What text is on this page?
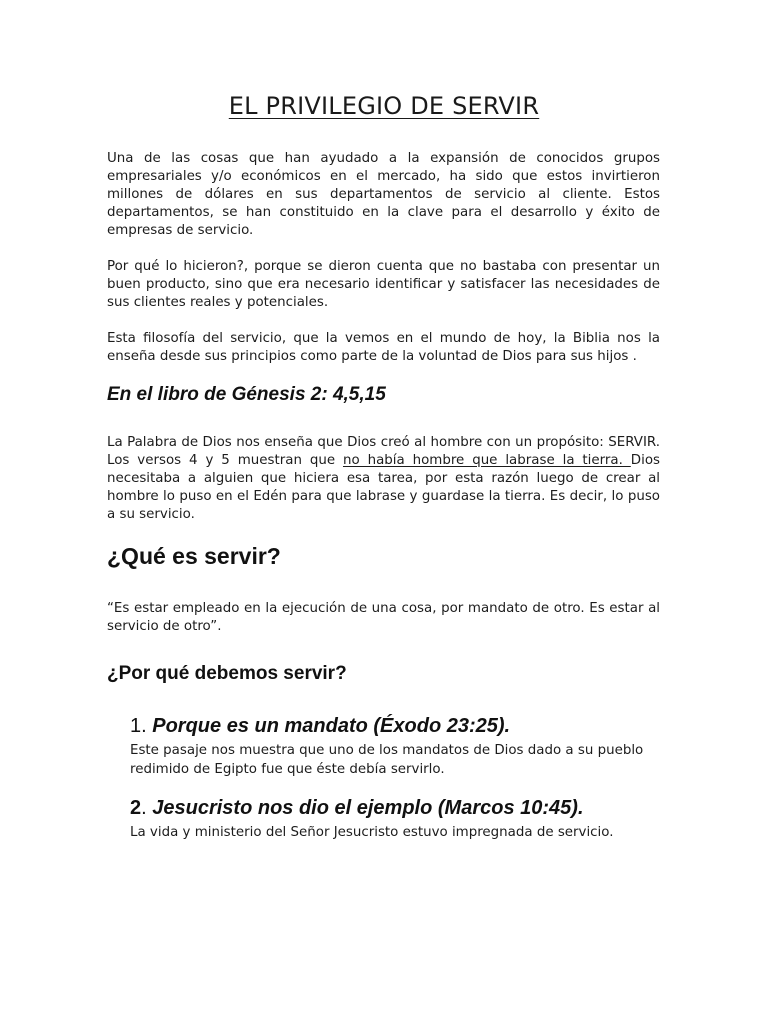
EL PRIVILEGIO DE SERVIR
Una de las cosas que han ayudado a la expansión de conocidos grupos empresariales y/o económicos en el mercado, ha sido que estos invirtieron millones de dólares en sus departamentos de servicio al cliente. Estos departamentos, se han constituido en la clave para el desarrollo y éxito de empresas de servicio.
Por qué lo hicieron?, porque se dieron cuenta que no bastaba con presentar un buen producto, sino que era necesario identificar y satisfacer las necesidades de sus clientes reales y potenciales.
Esta filosofía del servicio, que la vemos en el mundo de hoy, la Biblia nos la enseña desde sus principios como parte de la voluntad de Dios para sus hijos .
En el libro de Génesis 2: 4,5,15
La Palabra de Dios nos enseña que Dios creó al hombre con un propósito: SERVIR. Los versos 4 y 5 muestran que no había hombre que labrase la tierra. Dios necesitaba a alguien que hiciera esa tarea, por esta razón luego de crear al hombre lo puso en el Edén para que labrase y guardase la tierra. Es decir, lo puso a su servicio.
¿Qué es servir?
“Es estar empleado en la ejecución de una cosa, por mandato de otro. Es estar al servicio de otro”.
¿Por qué debemos servir?
1. Porque es un mandato (Éxodo 23:25).
Este pasaje nos muestra que uno de los mandatos de Dios dado a su pueblo redimido de Egipto fue que éste debía servirlo.
2. Jesucristo nos dio el ejemplo (Marcos 10:45).
La vida y ministerio del Señor Jesucristo estuvo impregnada de servicio.
